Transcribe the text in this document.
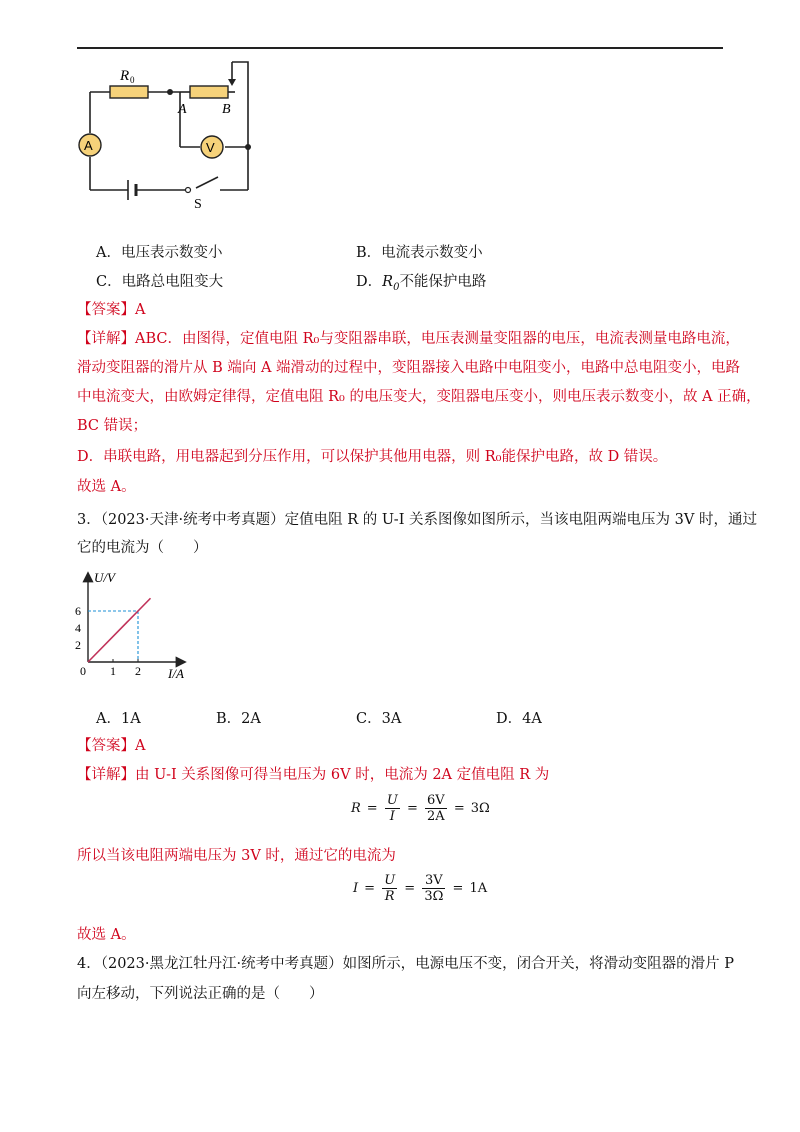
R 0
A	B
A	V
S
A．电压表示数变小	B．电流表示数变小
C．电路总电阻变大	D．$R_0$不能保护电路
【答案】A
【详解】ABC．由图得，定值电阻 R₀与变阻器串联，电压表测量变阻器的电压，电流表测量电路电流，
滑动变阻器的滑片从 B 端向 A 端滑动的过程中，变阻器接入电路中电阻变小，电路中总电阻变小，电路
中电流变大，由欧姆定律得，定值电阻 R₀ 的电压变大，变阻器电压变小，则电压表示数变小，故 A 正确，
BC 错误；
D．串联电路，用电器起到分压作用，可以保护其他用电器，则 R₀能保护电路，故 D 错误。
故选 A。
3．（2023·天津·统考中考真题）定值电阻 R 的 U-I 关系图像如图所示，当该电阻两端电压为 3V 时，通过
它的电流为（　　）
U/V
I/A
6
4
2
0 1 2
A．1A	B．2A	C．3A	D．4A
【答案】A
【详解】由 U-I 关系图像可得当电压为 6V 时，电流为 2A 定值电阻 R 为
$R = \frac{U}{I} = \frac{6V}{2A} = 3\Omega$
所以当该电阻两端电压为 3V 时，通过它的电流为
$I = \frac{U}{R} = \frac{3V}{3\Omega} = 1A$
故选 A。
4．（2023·黑龙江牡丹江·统考中考真题）如图所示，电源电压不变，闭合开关，将滑动变阻器的滑片 P
向左移动，下列说法正确的是（　　）
